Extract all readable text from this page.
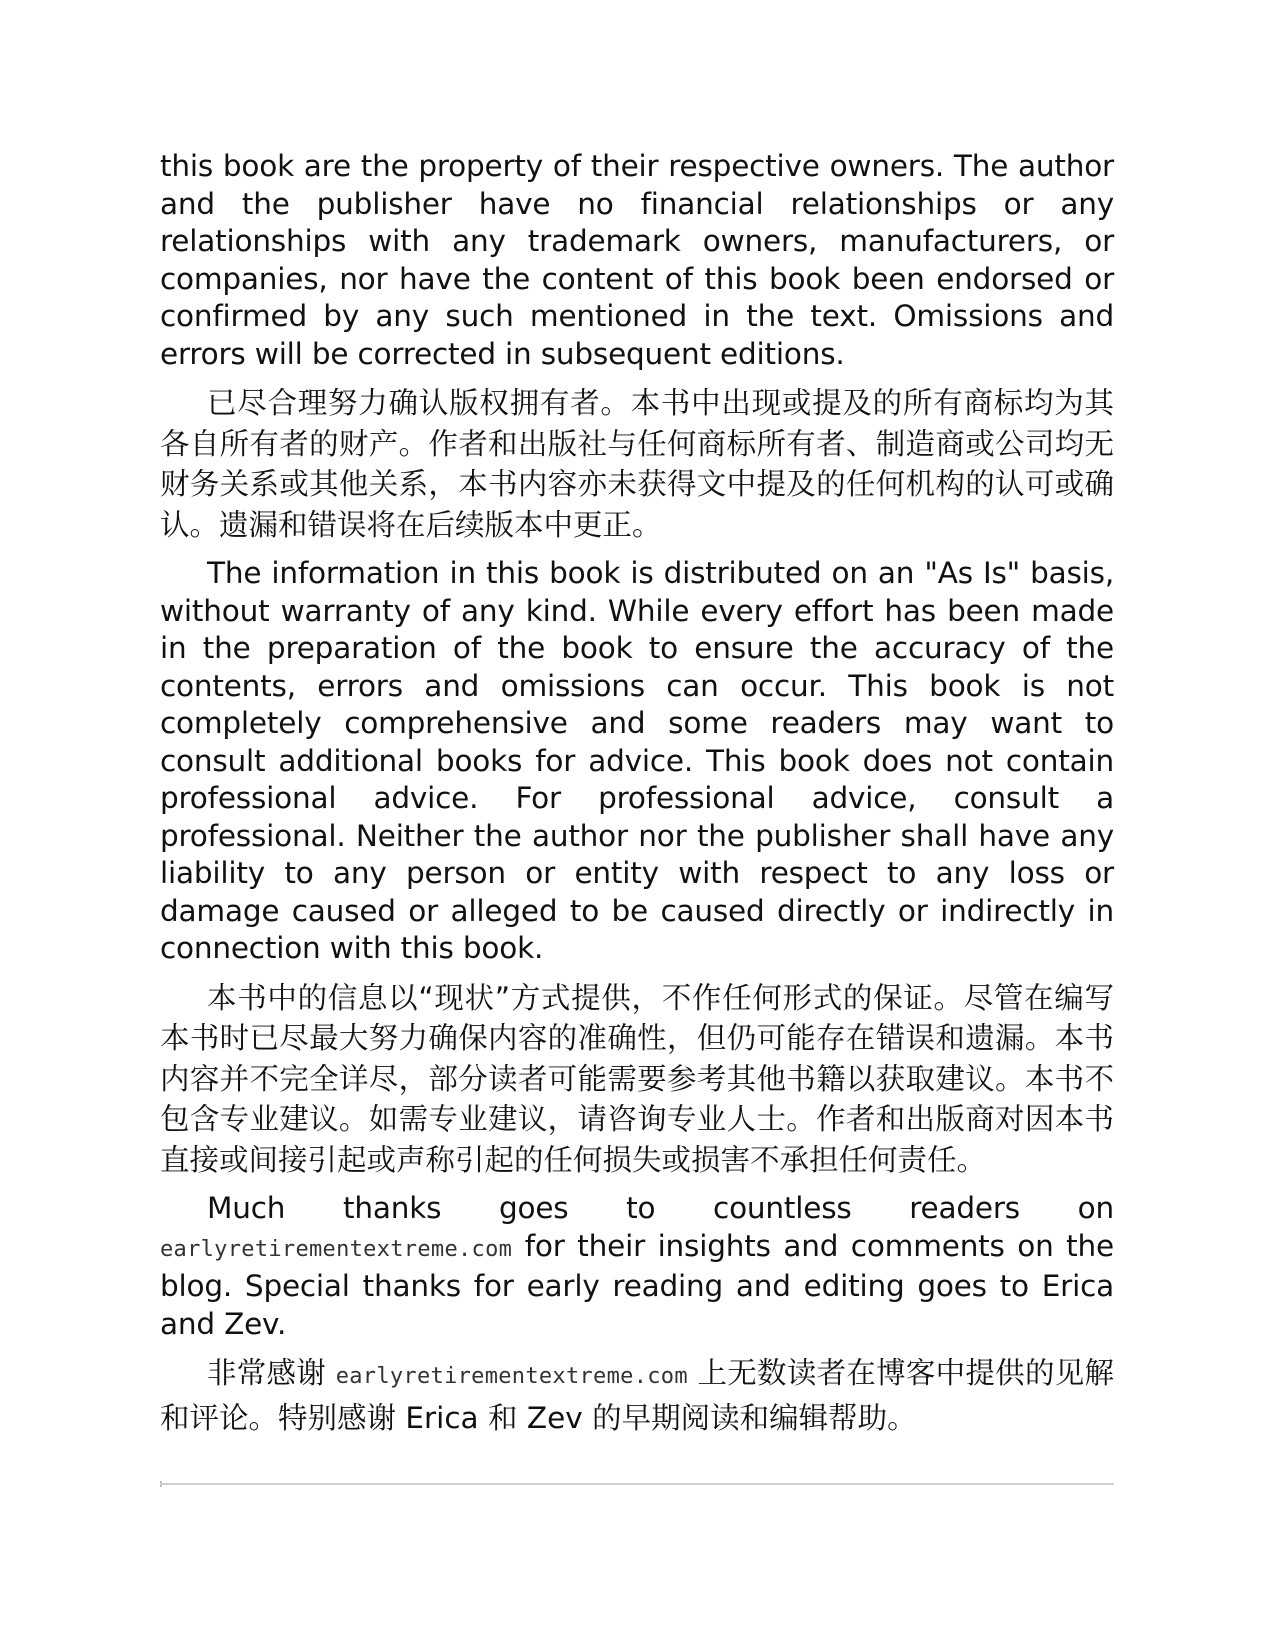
this book are the property of their respective owners. The author and the publisher have no financial relationships or any relationships with any trademark owners, manufacturers, or companies, nor have the content of this book been endorsed or confirmed by any such mentioned in the text. Omissions and errors will be corrected in subsequent editions.

已尽合理努力确认版权拥有者。本书中出现或提及的所有商标均为其各自所有者的财产。作者和出版社与任何商标所有者、制造商或公司均无财务关系或其他关系，本书内容亦未获得文中提及的任何机构的认可或确认。遗漏和错误将在后续版本中更正。

The information in this book is distributed on an "As Is" basis, without warranty of any kind. While every effort has been made in the preparation of the book to ensure the accuracy of the contents, errors and omissions can occur. This book is not completely comprehensive and some readers may want to consult additional books for advice. This book does not contain professional advice. For professional advice, consult a professional. Neither the author nor the publisher shall have any liability to any person or entity with respect to any loss or damage caused or alleged to be caused directly or indirectly in connection with this book.

本书中的信息以“现状”方式提供，不作任何形式的保证。尽管在编写本书时已尽最大努力确保内容的准确性，但仍可能存在错误和遗漏。本书内容并不完全详尽，部分读者可能需要参考其他书籍以获取建议。本书不包含专业建议。如需专业建议，请咨询专业人士。作者和出版商对因本书直接或间接引起或声称引起的任何损失或损害不承担任何责任。

Much thanks goes to countless readers on earlyretirementextreme.com for their insights and comments on the blog. Special thanks for early reading and editing goes to Erica and Zev.

非常感谢 earlyretirementextreme.com 上无数读者在博客中提供的见解和评论。特别感谢 Erica 和 Zev 的早期阅读和编辑帮助。
